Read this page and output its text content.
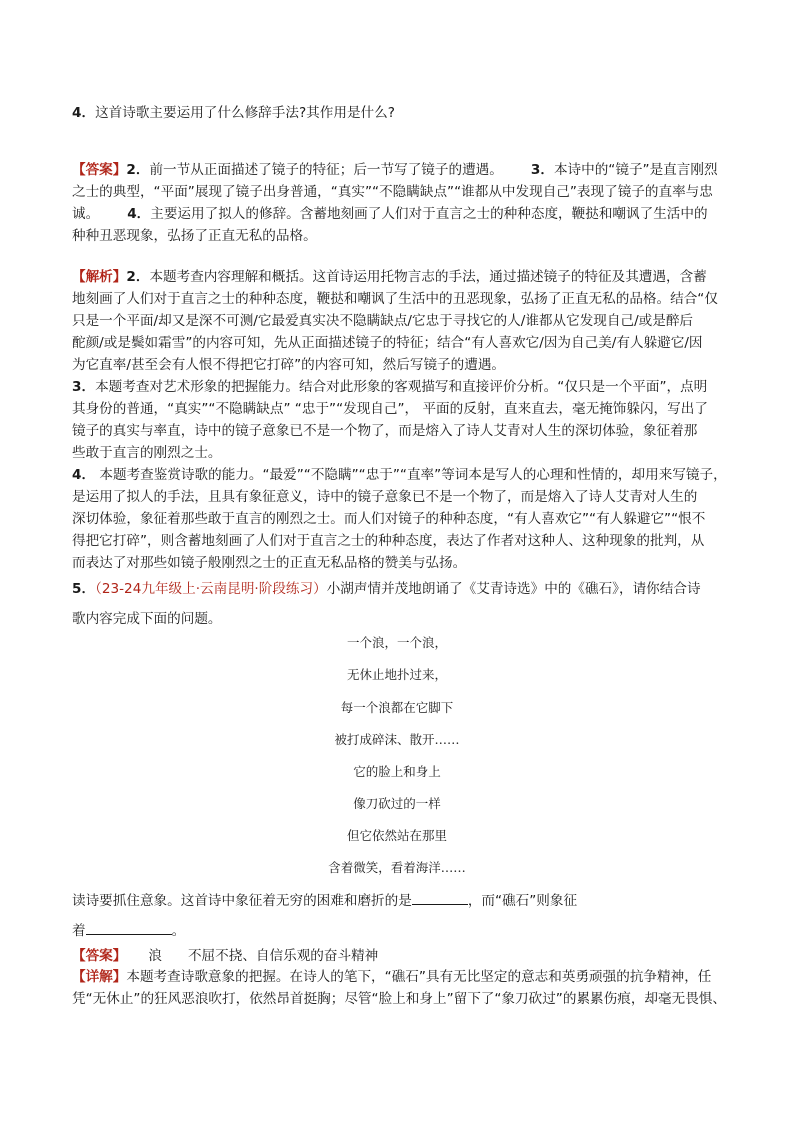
4．这首诗歌主要运用了什么修辞手法?其作用是什么?

【答案】2．前一节从正面描述了镜子的特征；后一节写了镜子的遭遇。 3．本诗中的“镜子”是直言刚烈
之士的典型，“平面”展现了镜子出身普通，“真实”“不隐瞒缺点”“谁都从中发现自己”表现了镜子的直率与忠
诚。 4．主要运用了拟人的修辞。含蓄地刻画了人们对于直言之士的种种态度，鞭挞和嘲讽了生活中的
种种丑恶现象，弘扬了正直无私的品格。
【解析】2．本题考查内容理解和概括。这首诗运用托物言志的手法，通过描述镜子的特征及其遭遇，含蓄
地刻画了人们对于直言之士的种种态度，鞭挞和嘲讽了生活中的丑恶现象，弘扬了正直无私的品格。结合“仅
只是一个平面/却又是深不可测/它最爱真实决不隐瞒缺点/它忠于寻找它的人/谁都从它发现自己/或是醉后
酡颜/或是鬓如霜雪”的内容可知，先从正面描述镜子的特征；结合“有人喜欢它/因为自己美/有人躲避它/因
为它直率/甚至会有人恨不得把它打碎”的内容可知，然后写镜子的遭遇。
3．本题考查对艺术形象的把握能力。结合对此形象的客观描写和直接评价分析。“仅只是一个平面”，点明
其身份的普通，“真实”“不隐瞒缺点” “忠于”“发现自己”， 平面的反射，直来直去，毫无掩饰躲闪，写出了
镜子的真实与率直，诗中的镜子意象已不是一个物了，而是熔入了诗人艾青对人生的深切体验，象征着那
些敢于直言的刚烈之士。
4． 本题考查鉴赏诗歌的能力。“最爱”“不隐瞒”“忠于”“直率”等词本是写人的心理和性情的，却用来写镜子，
是运用了拟人的手法，且具有象征意义，诗中的镜子意象已不是一个物了，而是熔入了诗人艾青对人生的
深切体验，象征着那些敢于直言的刚烈之士。而人们对镜子的种种态度，“有人喜欢它”“有人躲避它”“恨不
得把它打碎”，则含蓄地刻画了人们对于直言之士的种种态度，表达了作者对这种人、这种现象的批判，从
而表达了对那些如镜子般刚烈之士的正直无私品格的赞美与弘扬。
5．（23-24九年级上·云南昆明·阶段练习）小湖声情并茂地朗诵了《艾青诗选》中的《礁石》，请你结合诗
歌内容完成下面的问题。

一个浪，一个浪，

无休止地扑过来，

每一个浪都在它脚下

被打成碎沫、散开……

它的脸上和身上

像刀砍过的一样

但它依然站在那里

含着微笑，看着海洋……

读诗要抓住意象。这首诗中象征着无穷的困难和磨折的是	，而“礁石”则象征
着	。
【答案】 浪 不屈不挠、自信乐观的奋斗精神
【详解】本题考查诗歌意象的把握。在诗人的笔下，“礁石”具有无比坚定的意志和英勇顽强的抗争精神，任
凭“无休止”的狂风恶浪吹打，依然昂首挺胸；尽管“脸上和身上”留下了“象刀砍过”的累累伤痕，却毫无畏惧、
